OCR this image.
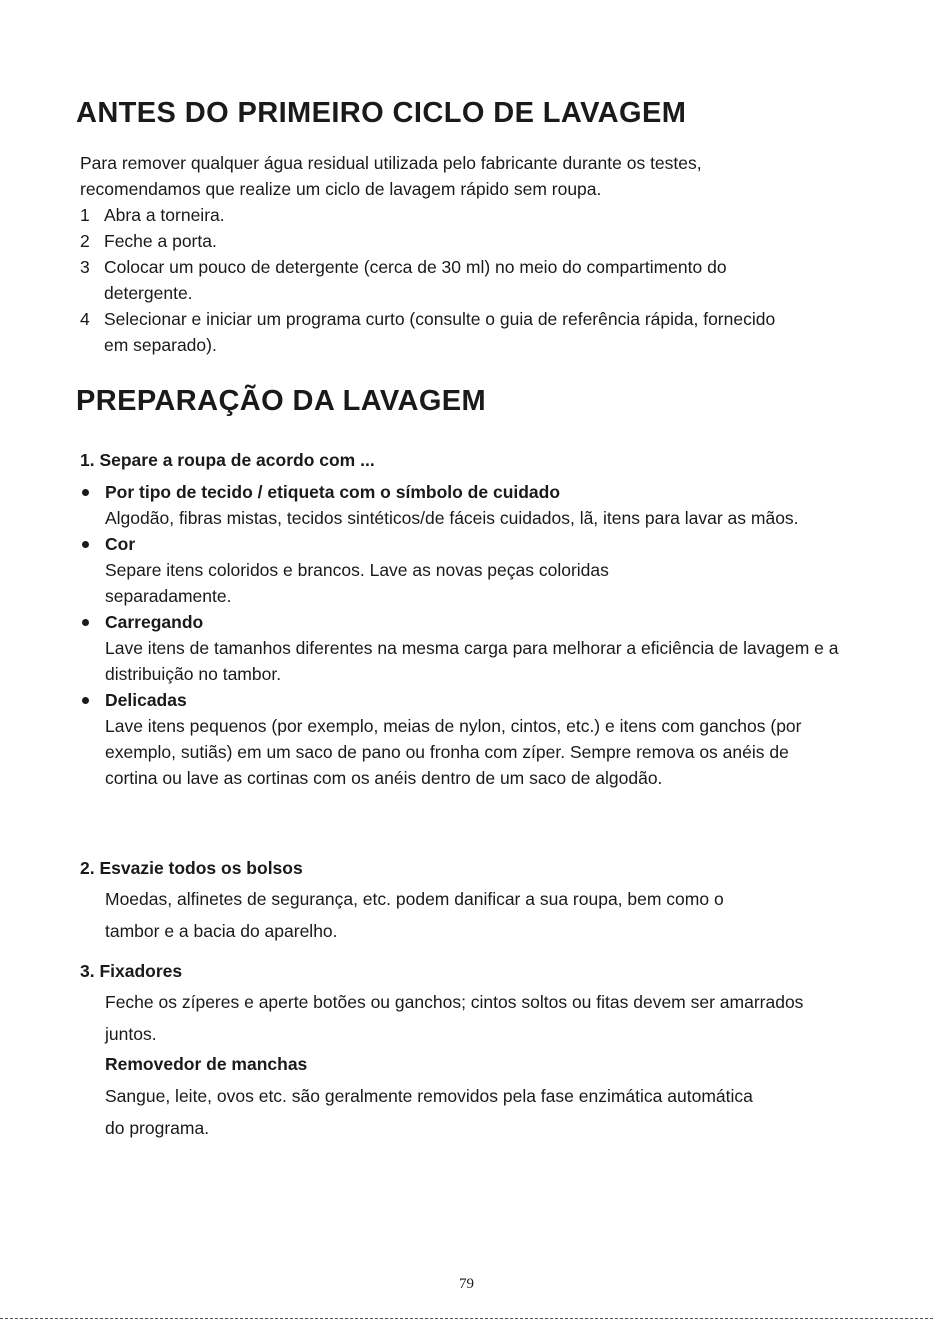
ANTES DO PRIMEIRO CICLO DE LAVAGEM

Para remover qualquer água residual utilizada pelo fabricante durante os testes, recomendamos que realize um ciclo de lavagem rápido sem roupa.

1 Abra a torneira.
2 Feche a porta.
3 Colocar um pouco de detergente (cerca de 30 ml) no meio do compartimento do detergente.
4 Selecionar e iniciar um programa curto (consulte o guia de referência rápida, fornecido em separado).
PREPARAÇÃO DA LAVAGEM

1. Separe a roupa de acordo com ...

Por tipo de tecido / etiqueta com o símbolo de cuidado
Algodão, fibras mistas, tecidos sintéticos/de fáceis cuidados, lã, itens para lavar as mãos.
Cor
Separe itens coloridos e brancos. Lave as novas peças coloridas separadamente.
Carregando
Lave itens de tamanhos diferentes na mesma carga para melhorar a eficiência de lavagem e a distribuição no tambor.
Delicadas
Lave itens pequenos (por exemplo, meias de nylon, cintos, etc.) e itens com ganchos (por exemplo, sutiãs) em um saco de pano ou fronha com zíper. Sempre remova os anéis de cortina ou lave as cortinas com os anéis dentro de um saco de algodão.

2. Esvazie todos os bolsos

Moedas, alfinetes de segurança, etc. podem danificar a sua roupa, bem como o tambor e a bacia do aparelho.

3. Fixadores

Feche os zíperes e aperte botões ou ganchos; cintos soltos ou fitas devem ser amarrados juntos.

Removedor de manchas

Sangue, leite, ovos etc. são geralmente removidos pela fase enzimática automática do programa.

79
